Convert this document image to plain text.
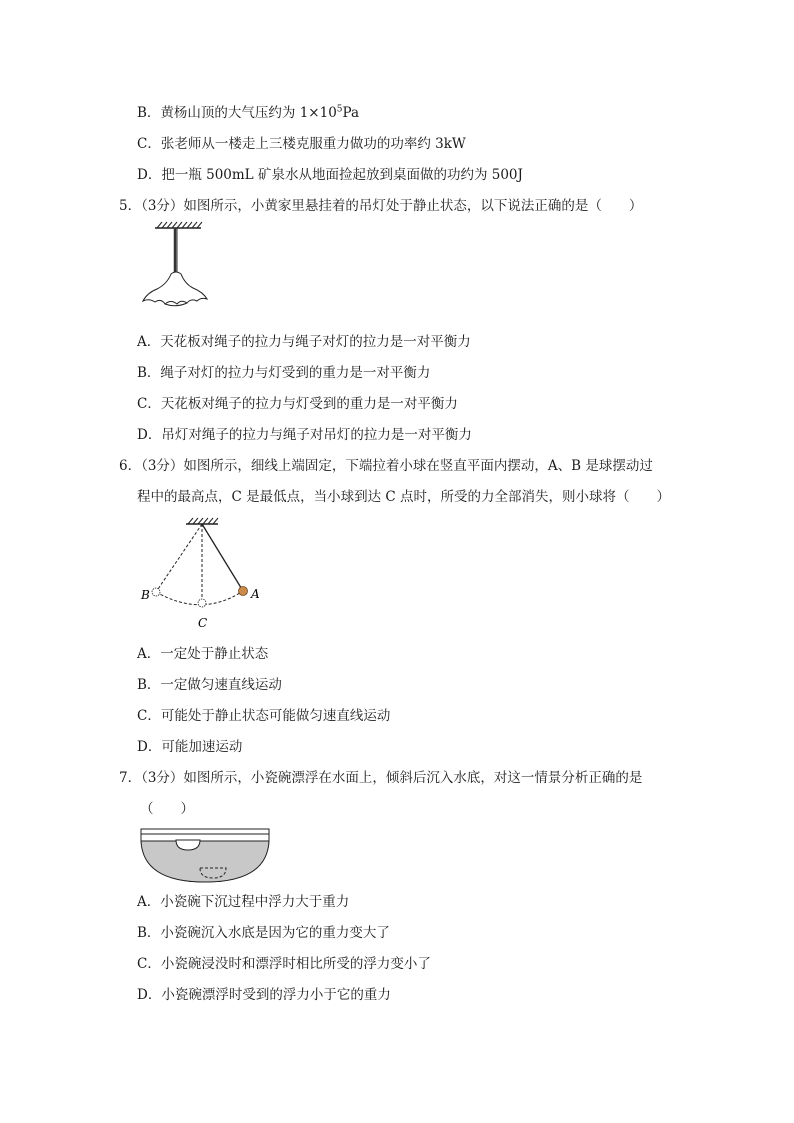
B．黄杨山顶的大气压约为 $1\times 10^5Pa$
C．张老师从一楼走上三楼克服重力做功的功率约 3kW
D．把一瓶 500mL 矿泉水从地面捡起放到桌面做的功约为 500J
5．（3分）如图所示，小黄家里悬挂着的吊灯处于静止状态，以下说法正确的是（　　）
A．天花板对绳子的拉力与绳子对灯的拉力是一对平衡力
B．绳子对灯的拉力与灯受到的重力是一对平衡力
C．天花板对绳子的拉力与灯受到的重力是一对平衡力
D．吊灯对绳子的拉力与绳子对吊灯的拉力是一对平衡力
6．（3分）如图所示，细线上端固定，下端拉着小球在竖直平面内摆动，A、B 是球摆动过
程中的最高点，C 是最低点，当小球到达 C 点时，所受的力全部消失，则小球将（　　）
B	A
C
A．一定处于静止状态
B．一定做匀速直线运动
C．可能处于静止状态可能做匀速直线运动
D．可能加速运动
7．（3分）如图所示，小瓷碗漂浮在水面上，倾斜后沉入水底，对这一情景分析正确的是
（　　）
A．小瓷碗下沉过程中浮力大于重力
B．小瓷碗沉入水底是因为它的重力变大了
C．小瓷碗浸没时和漂浮时相比所受的浮力变小了
D．小瓷碗漂浮时受到的浮力小于它的重力
